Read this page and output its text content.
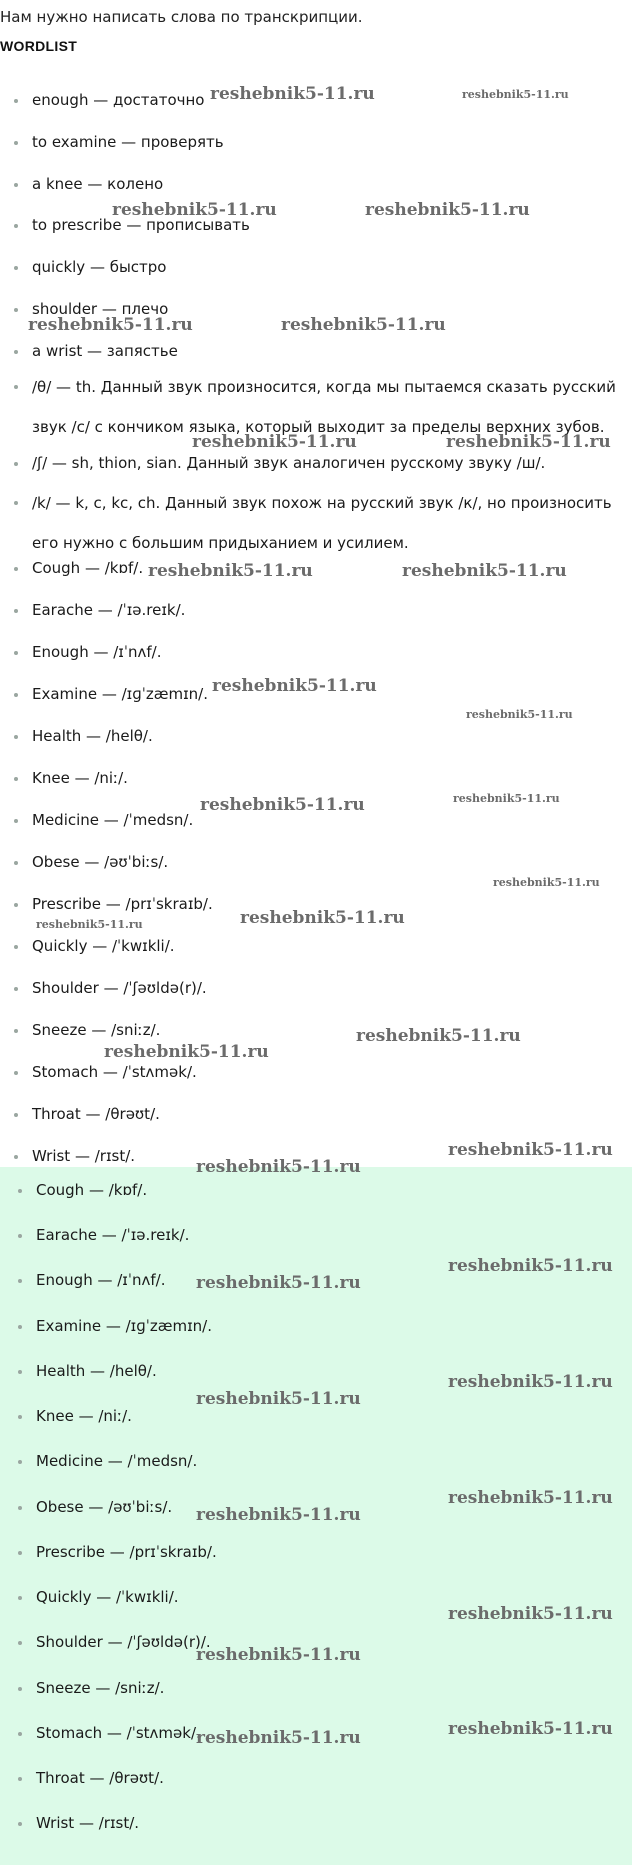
Нам нужно написать слова по транскрипции.
WORDLIST
enough — достаточно
to examine — проверять
a knee — колено
to prescribe — прописывать
quickly — быстро
shoulder — плечо
a wrist — запястье
/θ/ — th. Данный звук произносится, когда мы пытаемся сказать русский звук /с/ с кончиком языка, который выходит за пределы верхних зубов.
/ʃ/ — sh, thion, sian. Данный звук аналогичен русскому звуку /ш/.
/k/ — k, c, kc, ch. Данный звук похож на русский звук /к/, но произносить его нужно с большим придыханием и усилием.
Cough — /kɒf/.
Earache — /ˈɪə.reɪk/.
Enough — /ɪˈnʌf/.
Examine — /ɪɡˈzæmɪn/.
Health — /helθ/.
Knee — /niː/.
Medicine — /ˈmedsn/.
Obese — /əʊˈbiːs/.
Prescribe — /prɪˈskraɪb/.
Quickly — /ˈkwɪkli/.
Shoulder — /ˈʃəʊldə(r)/.
Sneeze — /sniːz/.
Stomach — /ˈstʌmək/.
Throat — /θrəʊt/.
Wrist — /rɪst/.
Cough — /kɒf/.
Earache — /ˈɪə.reɪk/.
Enough — /ɪˈnʌf/.
Examine — /ɪɡˈzæmɪn/.
Health — /helθ/.
Knee — /niː/.
Medicine — /ˈmedsn/.
Obese — /əʊˈbiːs/.
Prescribe — /prɪˈskraɪb/.
Quickly — /ˈkwɪkli/.
Shoulder — /ˈʃəʊldə(r)/.
Sneeze — /sniːz/.
Stomach — /ˈstʌmək/.
Throat — /θrəʊt/.
Wrist — /rɪst/.
reshebnik5-11.ru	reshebnik5-11.ru
reshebnik5-11.ru	reshebnik5-11.ru
reshebnik5-11.ru	reshebnik5-11.ru
reshebnik5-11.ru	reshebnik5-11.ru
reshebnik5-11.ru	reshebnik5-11.ru
reshebnik5-11.ru
reshebnik5-11.ru
reshebnik5-11.ru	reshebnik5-11.ru
reshebnik5-11.ru
reshebnik5-11.ru	reshebnik5-11.ru
reshebnik5-11.ru
reshebnik5-11.ru
reshebnik5-11.ru
reshebnik5-11.ru
reshebnik5-11.ru
reshebnik5-11.ru
reshebnik5-11.ru
reshebnik5-11.ru
reshebnik5-11.ru
reshebnik5-11.ru
reshebnik5-11.ru
reshebnik5-11.ru
reshebnik5-11.ru
reshebnik5-11.ru
